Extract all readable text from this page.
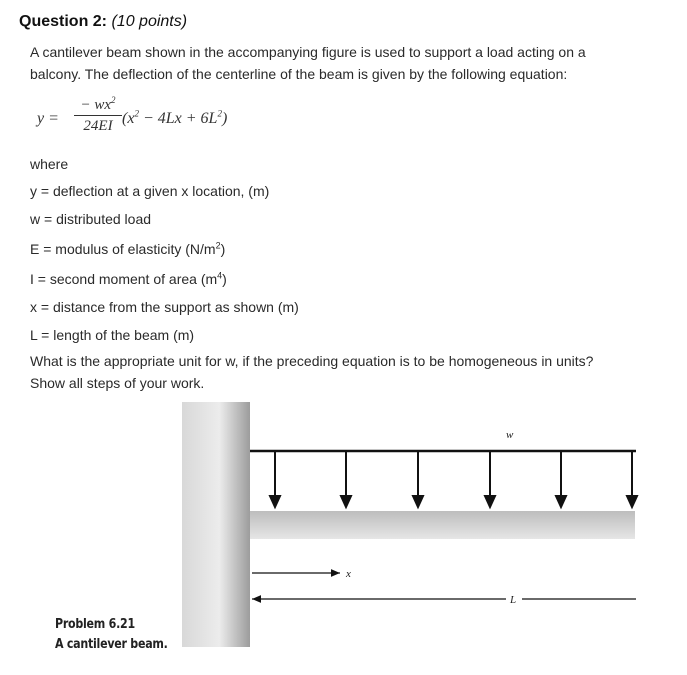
Question 2: (10 points)
A cantilever beam shown in the accompanying figure is used to support a load acting on a
balcony. The deflection of the centerline of the beam is given by the following equation:
y =
− $wx^2$
24EI $(x^2 - 4Lx + 6L^2)$
where
y = deflection at a given x location, (m)
w = distributed load
E = modulus of elasticity $(N/m^2)$
I = second moment of area $(m^4)$
x = distance from the support as shown (m)
L = length of the beam (m)
What is the appropriate unit for w, if the preceding equation is to be homogeneous in units?
Show all steps of your work.
w
x
L
Problem 6.21
A cantilever beam.
